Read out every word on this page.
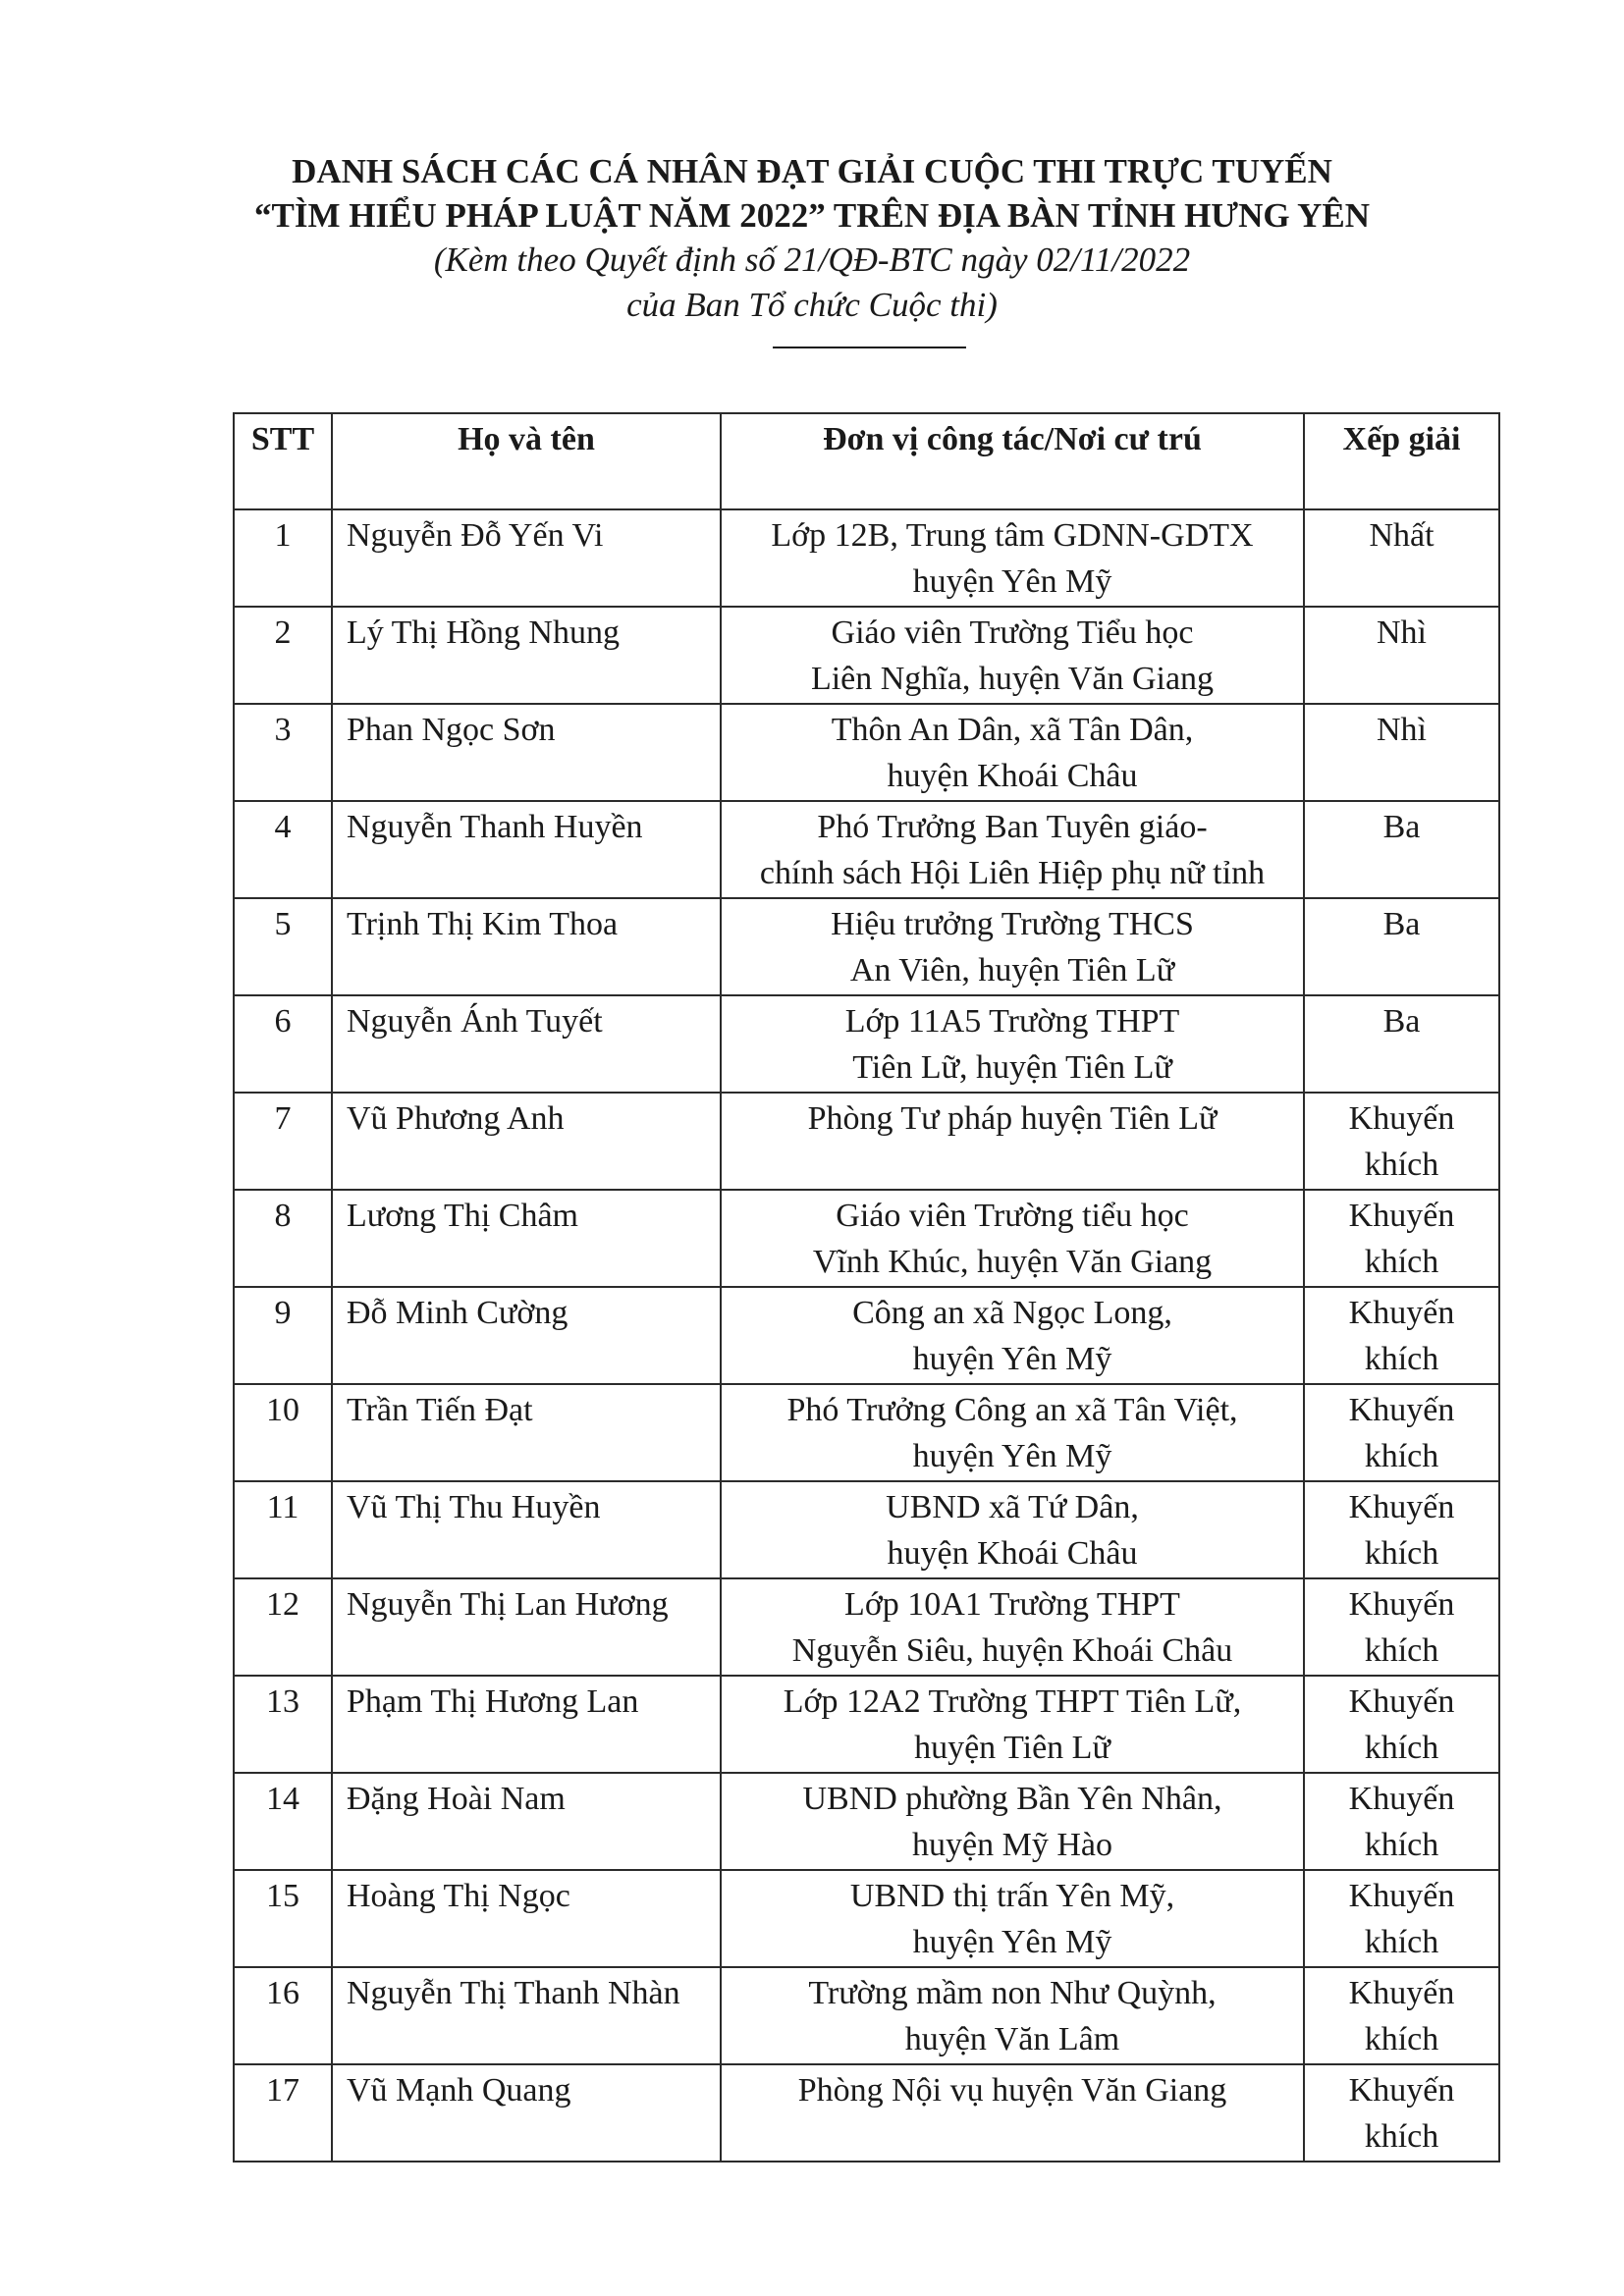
DANH SÁCH CÁC CÁ NHÂN ĐẠT GIẢI CUỘC THI TRỰC TUYẾN
“TÌM HIỂU PHÁP LUẬT NĂM 2022” TRÊN ĐỊA BÀN TỈNH HƯNG YÊN
(Kèm theo Quyết định số 21/QĐ-BTC ngày 02/11/2022
của Ban Tổ chức Cuộc thi)
STT	Họ và tên	Đơn vị công tác/Nơi cư trú	Xếp giải
1	Nguyễn Đỗ Yến Vi	Lớp 12B, Trung tâm GDNN-GDTX
huyện Yên Mỹ	Nhất

2	Lý Thị Hồng Nhung	Giáo viên Trường Tiểu học
Liên Nghĩa, huyện Văn Giang	Nhì

3	Phan Ngọc Sơn	Thôn An Dân, xã Tân Dân,
huyện Khoái Châu	Nhì

4	Nguyễn Thanh Huyền	Phó Trưởng Ban Tuyên giáo-
chính sách Hội Liên Hiệp phụ nữ tỉnh	Ba

5	Trịnh Thị Kim Thoa	Hiệu trưởng Trường THCS
An Viên, huyện Tiên Lữ	Ba

6	Nguyễn Ánh Tuyết	Lớp 11A5 Trường THPT
Tiên Lữ, huyện Tiên Lữ	Ba

7	Vũ Phương Anh	Phòng Tư pháp huyện Tiên Lữ	Khuyến
khích

8	Lương Thị Châm	Giáo viên Trường tiểu học
Vĩnh Khúc, huyện Văn Giang	Khuyến
khích

9	Đỗ Minh Cường	Công an xã Ngọc Long,
huyện Yên Mỹ	Khuyến
khích

10	Trần Tiến Đạt	Phó Trưởng Công an xã Tân Việt,
huyện Yên Mỹ	Khuyến
khích

11	Vũ Thị Thu Huyền	UBND xã Tứ Dân,
huyện Khoái Châu	Khuyến
khích

12	Nguyễn Thị Lan Hương	Lớp 10A1 Trường THPT
Nguyễn Siêu, huyện Khoái Châu	Khuyến
khích

13	Phạm Thị Hương Lan	Lớp 12A2 Trường THPT Tiên Lữ,
huyện Tiên Lữ	Khuyến
khích

14	Đặng Hoài Nam	UBND phường Bần Yên Nhân,
huyện Mỹ Hào	Khuyến
khích

15	Hoàng Thị Ngọc	UBND thị trấn Yên Mỹ,
huyện Yên Mỹ	Khuyến
khích

16	Nguyễn Thị Thanh Nhàn	Trường mầm non Như Quỳnh,
huyện Văn Lâm	Khuyến
khích

17	Vũ Mạnh Quang	Phòng Nội vụ huyện Văn Giang	Khuyến
khích
